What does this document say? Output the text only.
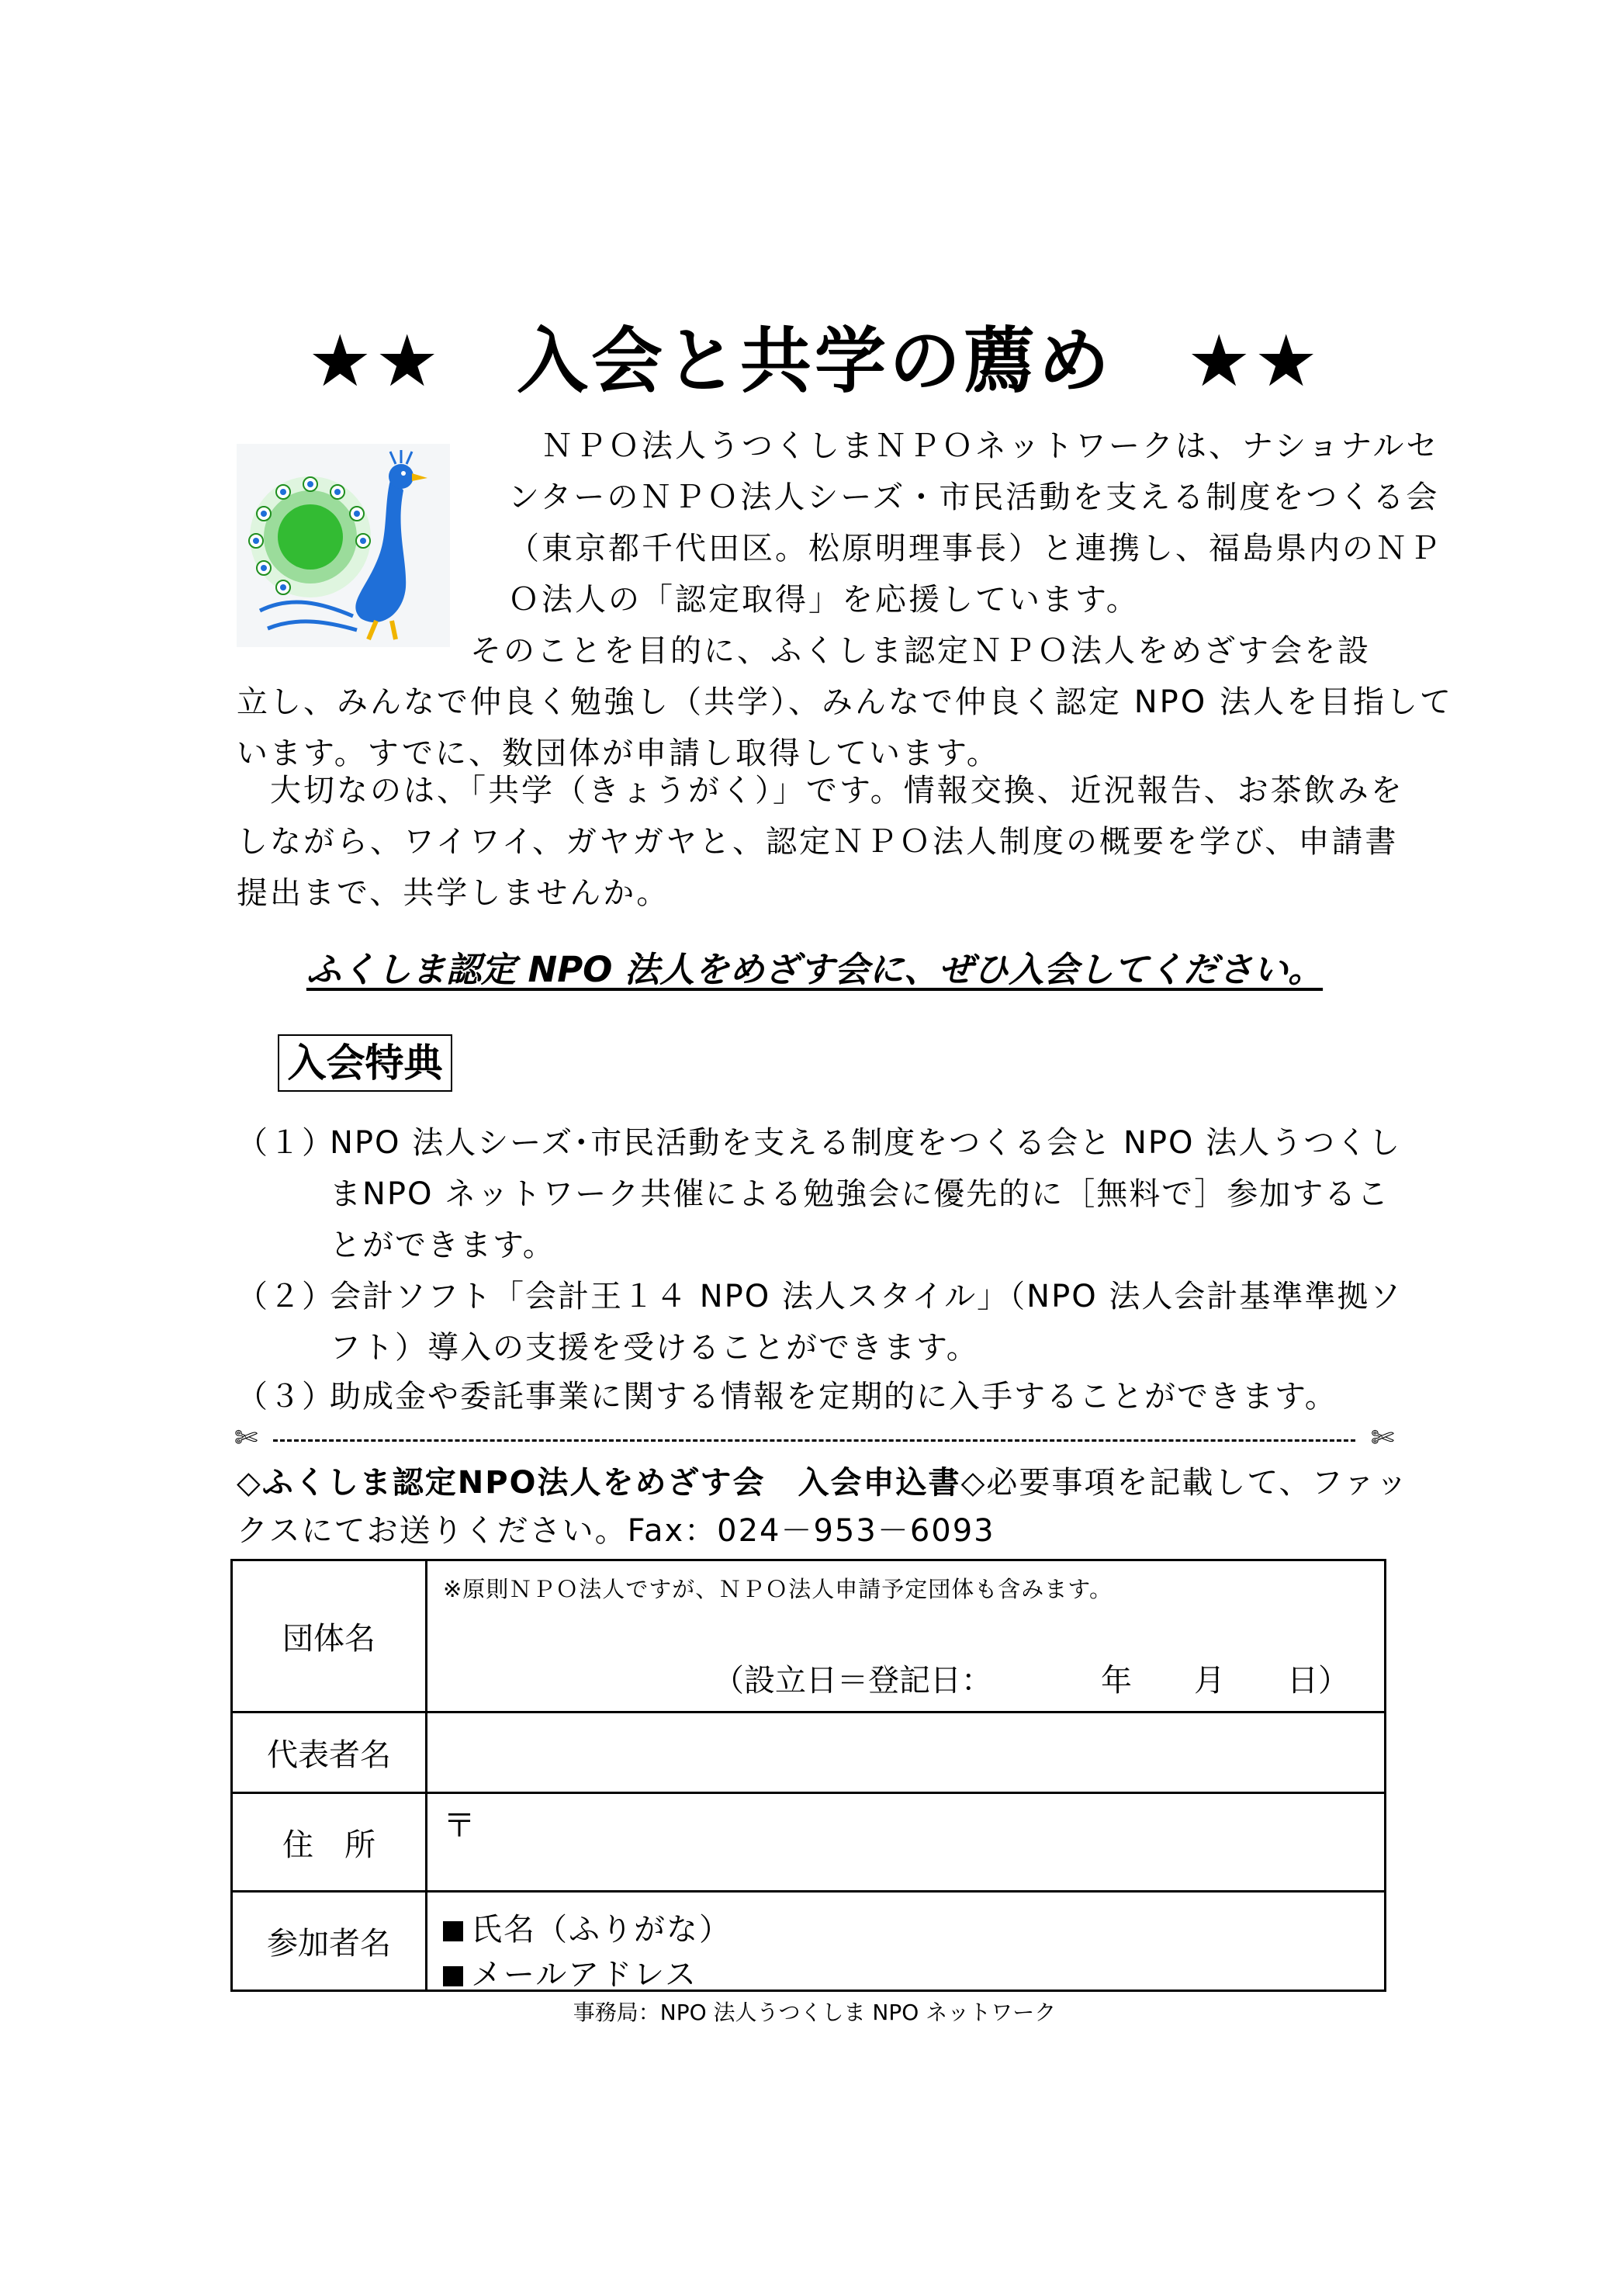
★★　入会と共学の薦め　★★
　ＮＰＯ法人うつくしまＮＰＯネットワークは、ナショナルセ
ンターのＮＰＯ法人シーズ・市民活動を支える制度をつくる会
（東京都千代田区。松原明理事長）と連携し、福島県内のＮＰ
Ｏ法人の「認定取得」を応援しています。
　　　　　　　そのことを目的に、ふくしま認定ＮＰＯ法人をめざす会を設
立し、みんなで仲良く勉強し（共学）、みんなで仲良く認定 NPO 法人を目指して
います。すでに、数団体が申請し取得しています。
　大切なのは、「共学（きょうがく）」です。情報交換、近況報告、お茶飲みを
しながら、ワイワイ、ガヤガヤと、認定ＮＰＯ法人制度の概要を学び、申請書
提出まで、共学しませんか。
ふくしま認定 NPO 法人をめざす会に、ぜひ入会してください。
入会特典
（１）
NPO 法人シーズ･市民活動を支える制度をつくる会と NPO 法人うつくしまNPO ネットワーク共催による勉強会に優先的に［無料で］参加することができます。
（２）
会計ソフト「会計王１４ NPO 法人スタイル」（NPO 法人会計基準準拠ソフト）導入の支援を受けることができます。
（３）
助成金や委託事業に関する情報を定期的に入手することができます。
✄	✄
◇ふくしま認定NPO法人をめざす会　入会申込書◇必要事項を記載して、ファックスにてお送りください。Fax：024－953－6093
団体名	※原則ＮＰＯ法人ですが、ＮＰＯ法人申請予定団体も含みます。
（設立日＝登記日：　　　　年　　月　　日）

代表者名	
住　所	〒

参加者名	氏名（ふりがな）
メールアドレス
事務局：NPO 法人うつくしま NPO ネットワーク
